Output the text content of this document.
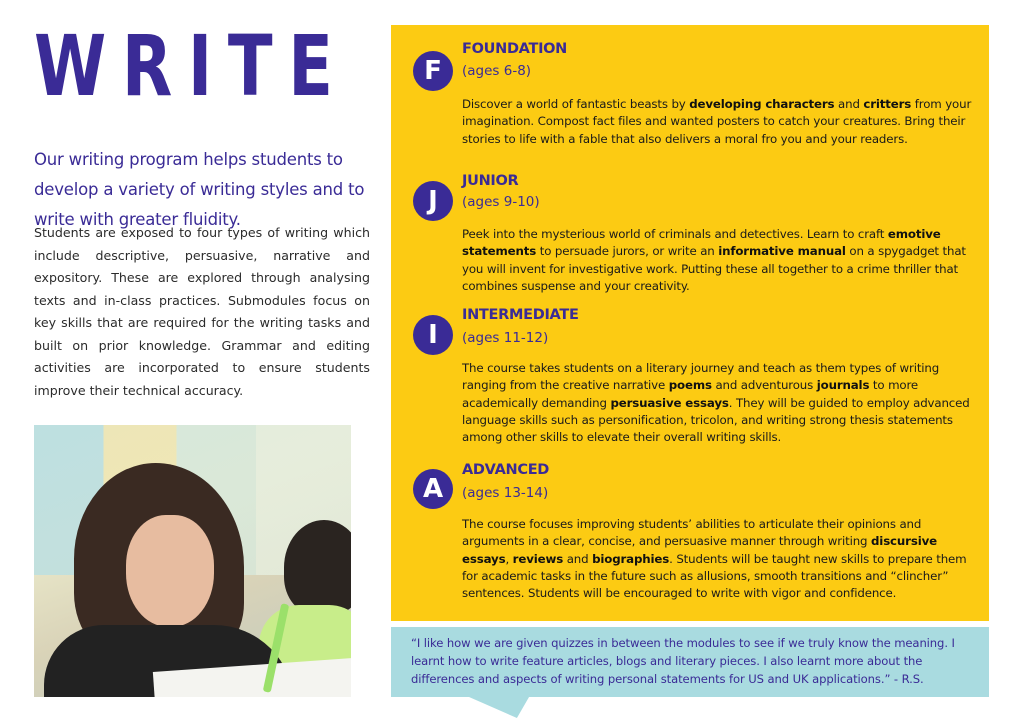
WRITE
Our writing program helps students to develop a variety of writing styles and to write with greater fluidity.
Students are exposed to four types of writing which include descriptive, persuasive, narrative and expository. These are explored through analysing texts and in-class practices. Submodules focus on key skills that are required for the writing tasks and built on prior knowledge. Grammar and editing activities are incorporated to ensure students improve their technical accuracy.
F
FOUNDATION
(ages 6-8)
Discover a world of fantastic beasts by developing characters and critters from your imagination. Compost fact files and wanted posters to catch your creatures. Bring their stories to life with a fable that also delivers a moral fro you and your readers.
J
JUNIOR
(ages 9-10)
Peek into the mysterious world of criminals and detectives. Learn to craft emotive statements to persuade jurors, or write an informative manual on a spygadget that you will invent for investigative work. Putting these all together to a crime thriller that combines suspense and your creativity.
I
INTERMEDIATE
(ages 11-12)
The course takes students on a literary journey and teach as them types of writing ranging from the creative narrative poems and adventurous journals to more academically demanding persuasive essays. They will be guided to employ advanced language skills such as personification, tricolon, and writing strong thesis statements among other skills to elevate their overall writing skills.
A
ADVANCED
(ages 13-14)
The course focuses improving students’ abilities to articulate their opinions and arguments in a clear, concise, and persuasive manner through writing discursive essays, reviews and biographies. Students will be taught new skills to prepare them for academic tasks in the future such as allusions, smooth transitions and “clincher” sentences. Students will be encouraged to write with vigor and confidence.
“I like how we are given quizzes in between the modules to see if we truly know the meaning. I learnt how to write feature articles, blogs and literary pieces. I also learnt more about the differences and aspects of writing personal statements for US and UK applications.” - R.S.
